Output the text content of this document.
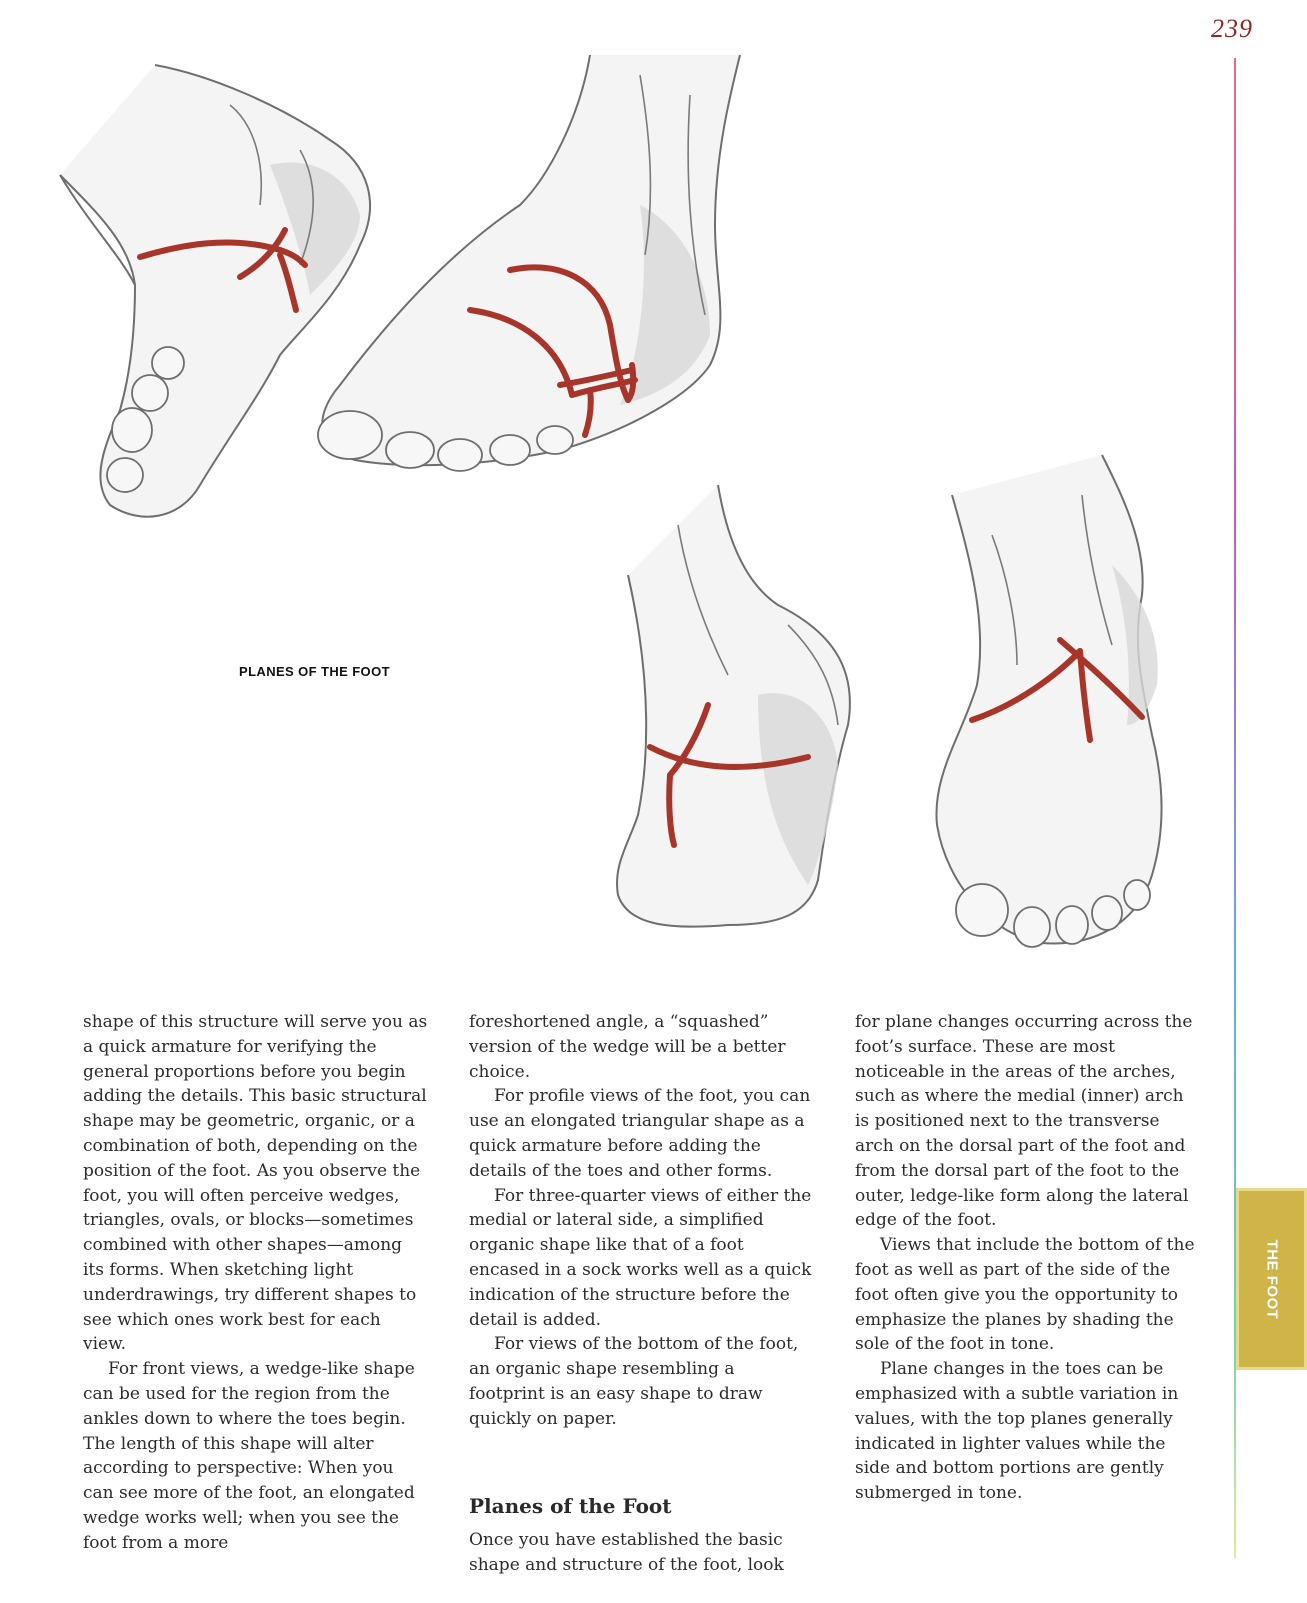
239
THE FOOT
PLANES OF THE FOOT

shape of this structure will serve you as a quick armature for verifying the general proportions before you begin adding the details. This basic structural shape may be geometric, organic, or a combination of both, depending on the position of the foot. As you observe the foot, you will often perceive wedges, triangles, ovals, or blocks—sometimes combined with other shapes—among its forms. When sketching light underdrawings, try different shapes to see which ones work best for each view.

For front views, a wedge-like shape can be used for the region from the ankles down to where the toes begin. The length of this shape will alter according to perspective: When you can see more of the foot, an elongated wedge works well; when you see the foot from a more

foreshortened angle, a “squashed” version of the wedge will be a better choice.

For profile views of the foot, you can use an elongated triangular shape as a quick armature before adding the details of the toes and other forms.

For three-quarter views of either the medial or lateral side, a simplified organic shape like that of a foot encased in a sock works well as a quick indication of the structure before the detail is added.

For views of the bottom of the foot, an organic shape resembling a footprint is an easy shape to draw quickly on paper.

Planes of the Foot

Once you have established the basic shape and structure of the foot, look

for plane changes occurring across the foot’s surface. These are most noticeable in the areas of the arches, such as where the medial (inner) arch is positioned next to the transverse arch on the dorsal part of the foot and from the dorsal part of the foot to the outer, ledge-like form along the lateral edge of the foot.

Views that include the bottom of the foot as well as part of the side of the foot often give you the opportunity to emphasize the planes by shading the sole of the foot in tone.

Plane changes in the toes can be emphasized with a subtle variation in values, with the top planes generally indicated in lighter values while the side and bottom portions are gently submerged in tone.
